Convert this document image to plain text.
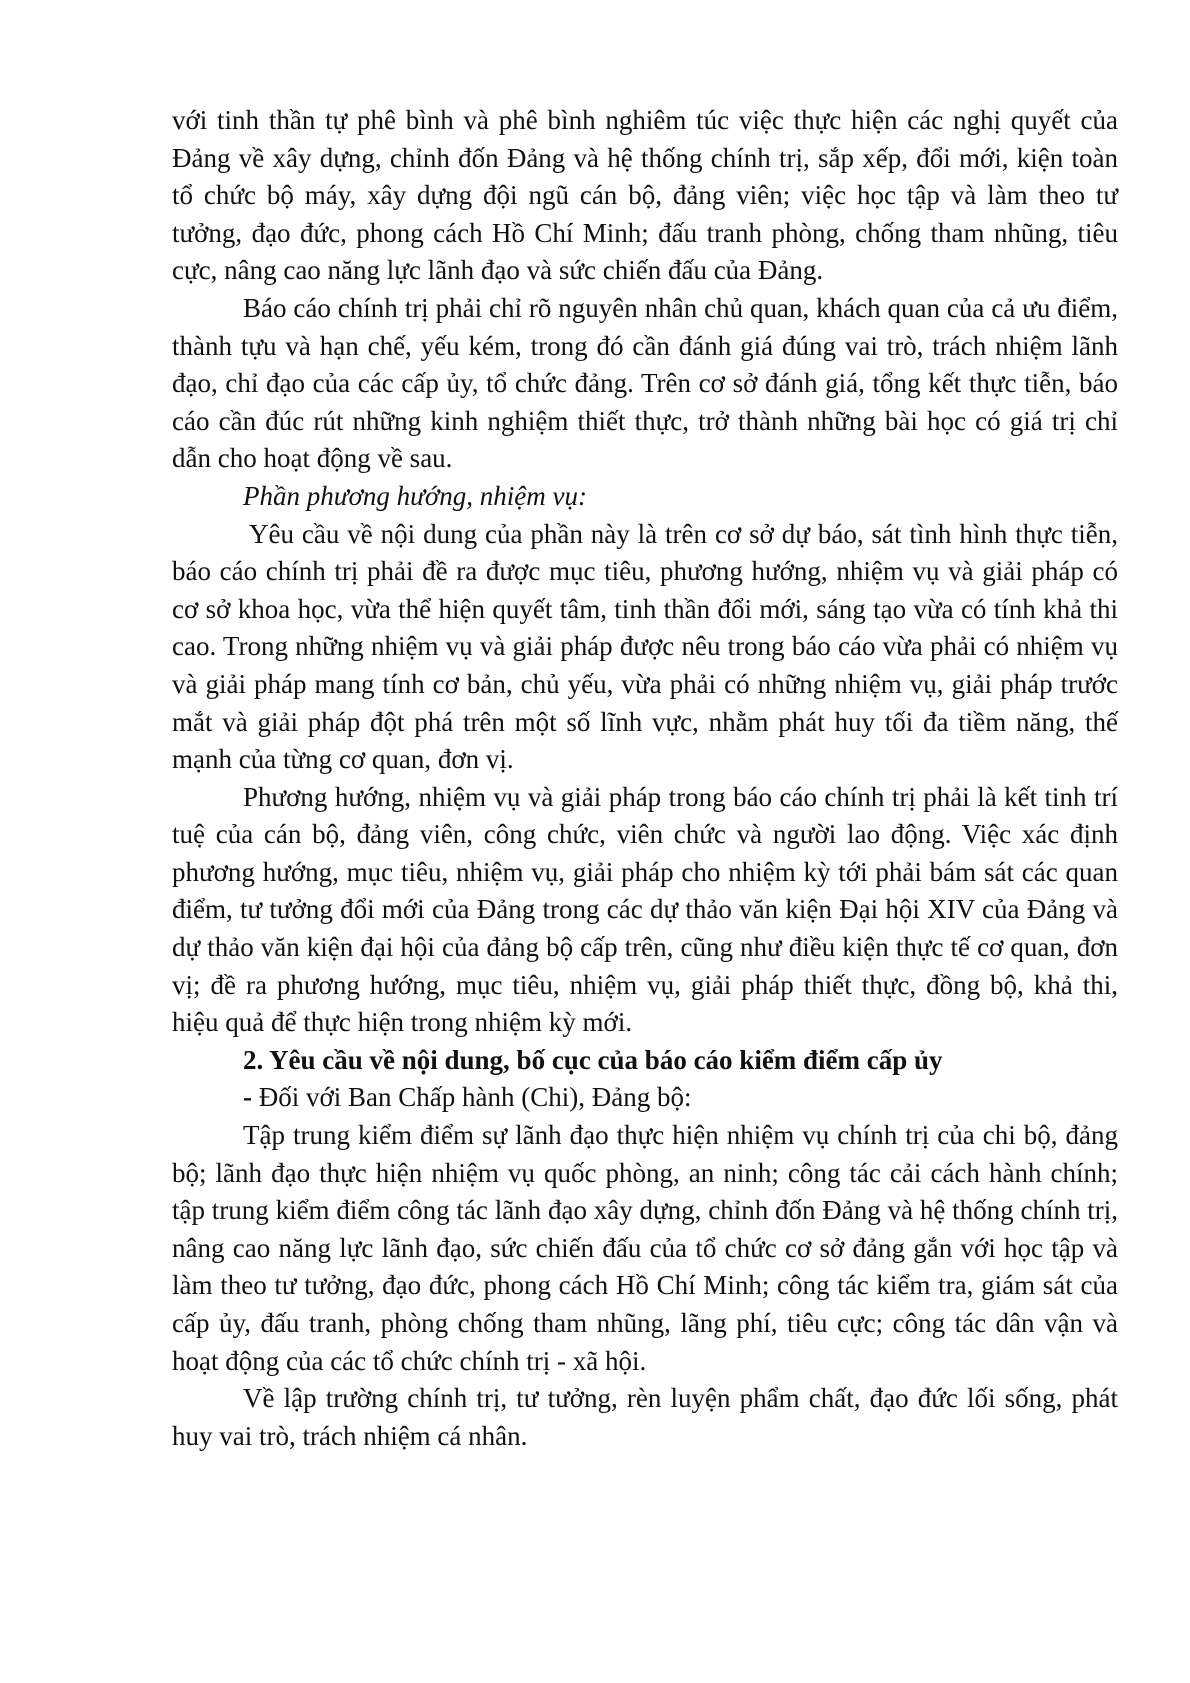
với tinh thần tự phê bình và phê bình nghiêm túc việc thực hiện các nghị quyết của Đảng về xây dựng, chỉnh đốn Đảng và hệ thống chính trị, sắp xếp, đổi mới, kiện toàn tổ chức bộ máy, xây dựng đội ngũ cán bộ, đảng viên; việc học tập và làm theo tư tưởng, đạo đức, phong cách Hồ Chí Minh; đấu tranh phòng, chống tham nhũng, tiêu cực, nâng cao năng lực lãnh đạo và sức chiến đấu của Đảng.

Báo cáo chính trị phải chỉ rõ nguyên nhân chủ quan, khách quan của cả ưu điểm, thành tựu và hạn chế, yếu kém, trong đó cần đánh giá đúng vai trò, trách nhiệm lãnh đạo, chỉ đạo của các cấp ủy, tổ chức đảng. Trên cơ sở đánh giá, tổng kết thực tiễn, báo cáo cần đúc rút những kinh nghiệm thiết thực, trở thành những bài học có giá trị chỉ dẫn cho hoạt động về sau.

Phần phương hướng, nhiệm vụ:

Yêu cầu về nội dung của phần này là trên cơ sở dự báo, sát tình hình thực tiễn, báo cáo chính trị phải đề ra được mục tiêu, phương hướng, nhiệm vụ và giải pháp có cơ sở khoa học, vừa thể hiện quyết tâm, tinh thần đổi mới, sáng tạo vừa có tính khả thi cao. Trong những nhiệm vụ và giải pháp được nêu trong báo cáo vừa phải có nhiệm vụ và giải pháp mang tính cơ bản, chủ yếu, vừa phải có những nhiệm vụ, giải pháp trước mắt và giải pháp đột phá trên một số lĩnh vực, nhằm phát huy tối đa tiềm năng, thế mạnh của từng cơ quan, đơn vị.

Phương hướng, nhiệm vụ và giải pháp trong báo cáo chính trị phải là kết tinh trí tuệ của cán bộ, đảng viên, công chức, viên chức và người lao động. Việc xác định phương hướng, mục tiêu, nhiệm vụ, giải pháp cho nhiệm kỳ tới phải bám sát các quan điểm, tư tưởng đổi mới của Đảng trong các dự thảo văn kiện Đại hội XIV của Đảng và dự thảo văn kiện đại hội của đảng bộ cấp trên, cũng như điều kiện thực tế cơ quan, đơn vị; đề ra phương hướng, mục tiêu, nhiệm vụ, giải pháp thiết thực, đồng bộ, khả thi, hiệu quả để thực hiện trong nhiệm kỳ mới.

2. Yêu cầu về nội dung, bố cục của báo cáo kiểm điểm cấp ủy

- Đối với Ban Chấp hành (Chi), Đảng bộ:

Tập trung kiểm điểm sự lãnh đạo thực hiện nhiệm vụ chính trị của chi bộ, đảng bộ; lãnh đạo thực hiện nhiệm vụ quốc phòng, an ninh; công tác cải cách hành chính; tập trung kiểm điểm công tác lãnh đạo xây dựng, chỉnh đốn Đảng và hệ thống chính trị, nâng cao năng lực lãnh đạo, sức chiến đấu của tổ chức cơ sở đảng gắn với học tập và làm theo tư tưởng, đạo đức, phong cách Hồ Chí Minh; công tác kiểm tra, giám sát của cấp ủy, đấu tranh, phòng chống tham nhũng, lãng phí, tiêu cực; công tác dân vận và hoạt động của các tổ chức chính trị - xã hội.

Về lập trường chính trị, tư tưởng, rèn luyện phẩm chất, đạo đức lối sống, phát huy vai trò, trách nhiệm cá nhân.
